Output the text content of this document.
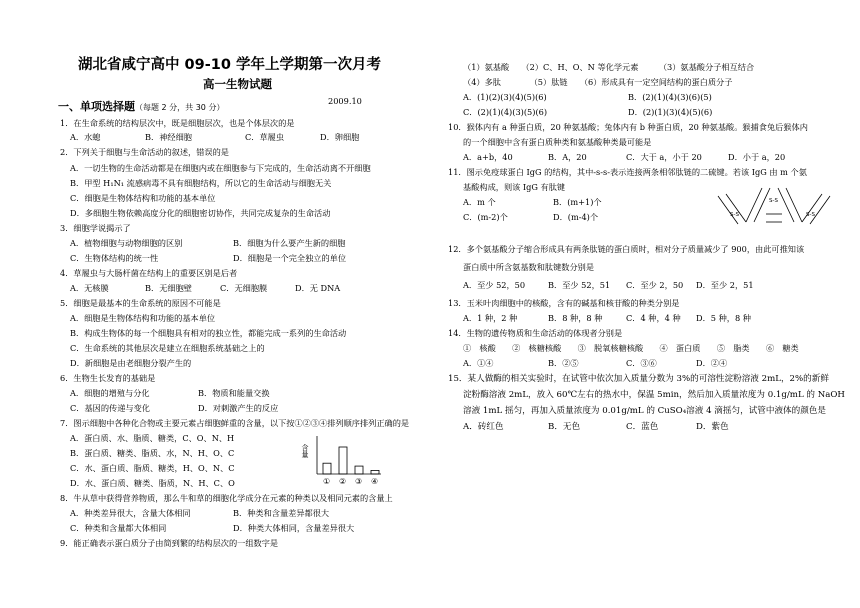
湖北省咸宁高中 09-10 学年上学期第一次月考
高一生物试题
2009.10
一、单项选择题（每题 2 分，共 30 分）
1．在生命系统的结构层次中，既是细胞层次，也是个体层次的是
A．水螅	B．神经细胞	C．草履虫	D．卵细胞
2．下列关于细胞与生命活动的叙述，错误的是
A．一切生物的生命活动都是在细胞内或在细胞参与下完成的，生命活动离不开细胞
B．甲型 H₁N₁ 流感病毒不具有细胞结构，所以它的生命活动与细胞无关
C．细胞是生物体结构和功能的基本单位
D．多细胞生物依赖高度分化的细胞密切协作，共同完成复杂的生命活动
3．细胞学说揭示了
A．植物细胞与动物细胞的区别	B．细胞为什么要产生新的细胞
C．生物体结构的统一性	D．细胞是一个完全独立的单位
4．草履虫与大肠杆菌在结构上的重要区别是后者
A．无核膜	B．无细胞壁	C．无细胞膜	D．无 DNA
5．细胞是最基本的生命系统的原因不可能是
A．细胞是生物体结构和功能的基本单位
B．构成生物体的每一个细胞具有相对的独立性，都能完成一系列的生命活动
C．生命系统的其他层次是建立在细胞系统基础之上的
D．新细胞是由老细胞分裂产生的
6．生物生长发育的基础是
A．细胞的增殖与分化	B．物质和能量交换
C．基因的传递与变化	D．对刺激产生的反应
7．图示细胞中各种化合物或主要元素占细胞鲜重的含量，以下按①②③④排列顺序排列正确的是
A．蛋白质、水、脂质、糖类，C、O、N、H
B．蛋白质、糖类、脂质、水，N、H、O、C
C．水、蛋白质、脂质、糖类，H、O、N、C
D．水、蛋白质、糖类、脂质，N、H、C、O
含量
① ② ③ ④
8．牛从草中获得营养物质，那么牛和草的细胞化学成分在元素的种类以及相同元素的含量上
A．种类差异很大，含量大体相同	B．种类和含量差异都很大
C．种类和含量都大体相同	D．种类大体相同，含量差异很大
9．能正确表示蛋白质分子由简到繁的结构层次的一组数字是
（1）氨基酸　　（2）C、H、O、N 等化学元素　　　（3）氨基酸分子相互结合
（4）多肽　　　　（5）肽链　　（6）形成具有一定空间结构的蛋白质分子
A．(1)(2)(3)(4)(5)(6)	B．(2)(1)(4)(3)(6)(5)
C．(2)(1)(4)(3)(5)(6)	D．(2)(1)(3)(4)(5)(6)
10．猴体内有 a 种蛋白质，20 种氨基酸；兔体内有 b 种蛋白质，20 种氨基酸。猴捕食兔后猴体内
的一个细胞中含有蛋白质种类和氨基酸种类最可能是
A．a+b，40	B．A，20	C．大于 a，小于 20	D．小于 a，20
11．图示免疫球蛋白 IgG 的结构，其中-s-s-表示连接两条相邻肽链的二硫键。若该 IgG 由 m 个氨
基酸构成，则该 IgG 有肽键
A．m 个	B．(m+1)个
C．(m-2)个	D．(m-4)个
S-S
S-S	S-S
12．多个氨基酸分子缩合形成具有两条肽链的蛋白质时，相对分子质量减少了 900，由此可推知该
蛋白质中所含氨基数和肽键数分别是
A．至少 52，50	B．至少 52，51 C．至少 2，50 D．至少 2，51
13．玉米叶肉细胞中的核酸，含有的碱基和核苷酸的种类分别是
A．1 种，2 种	B．8 种，8 种	C．4 种，4 种 D．5 种，8 种
14．生物的遗传物质和生命活动的体现者分别是
①　核酸　　②　核糖核酸　　③　脱氧核糖核酸　　④　蛋白质　　⑤　脂类　　⑥　糖类
A．①④	B．②⑤	C．③⑥	D．②④
15．某人做酶的相关实验时，在试管中依次加入质量分数为 3%的可溶性淀粉溶液 2mL，2%的新鲜
淀粉酶溶液 2mL，放入 60℃左右的热水中，保温 5min，然后加入质量浓度为 0.1g/mL 的 NaOH
溶液 1mL 摇匀，再加入质量浓度为 0.01g/mL 的 CuSO₄溶液 4 滴摇匀，试管中液体的颜色是
A．砖红色	B．无色	C．蓝色	D．紫色
